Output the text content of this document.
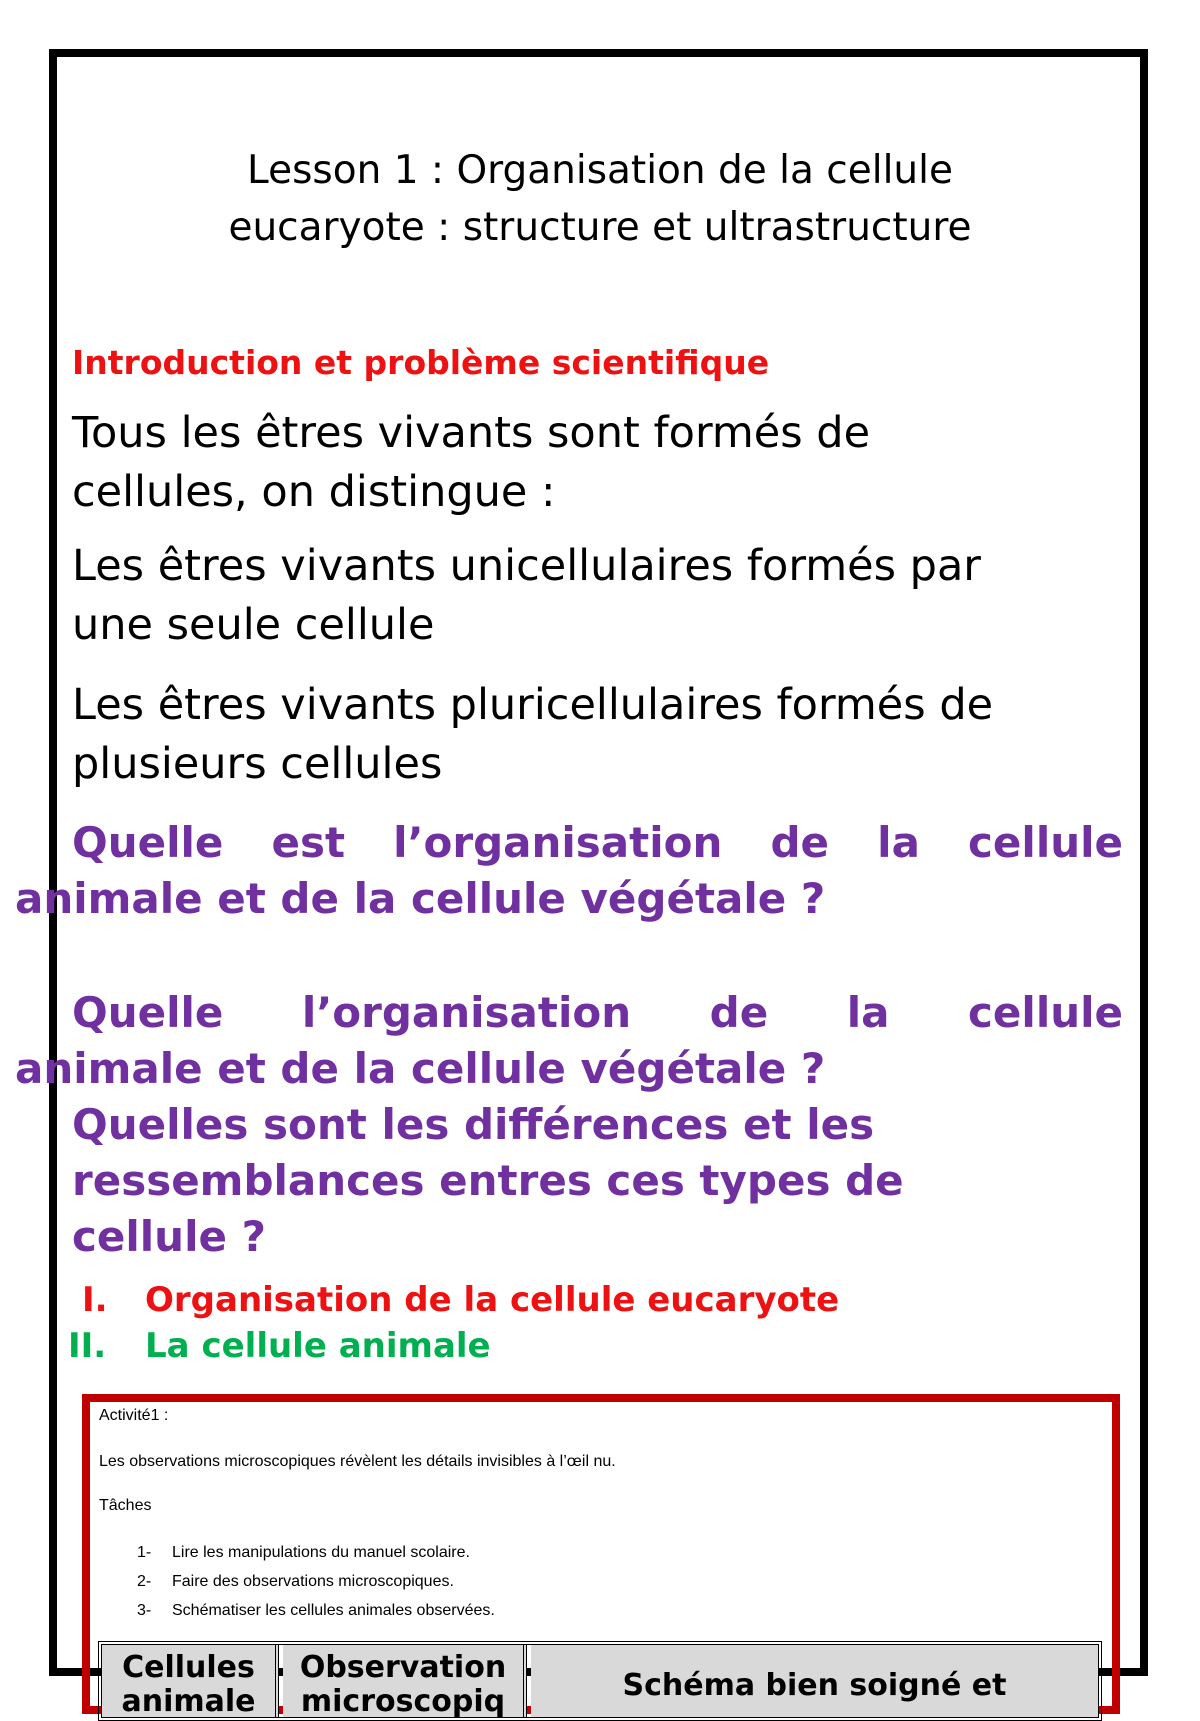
Lesson 1 : Organisation de la cellule
eucaryote : structure et ultrastructure
Introduction et problème scientifique
Tous les êtres vivants sont formés de
cellules, on distingue :
Les êtres vivants unicellulaires formés par
une seule cellule
Les êtres vivants pluricellulaires formés de
plusieurs cellules
Quelle est l’organisation de la cellule
animale et de la cellule végétale ?
Quelle l’organisation de la cellule
animale et de la cellule végétale ?
Quelles sont les différences et les
ressemblances entres ces types de
cellule ?
I. Organisation de la cellule eucaryote
II. La cellule animale
Activité1 :
Les observations microscopiques révèlent les détails invisibles à l’œil nu.
Tâches
1- Lire les manipulations du manuel scolaire.
2- Faire des observations microscopiques.
3- Schématiser les cellules animales observées.
Cellules animale
Observation microscopiq	Schéma bien soigné et
